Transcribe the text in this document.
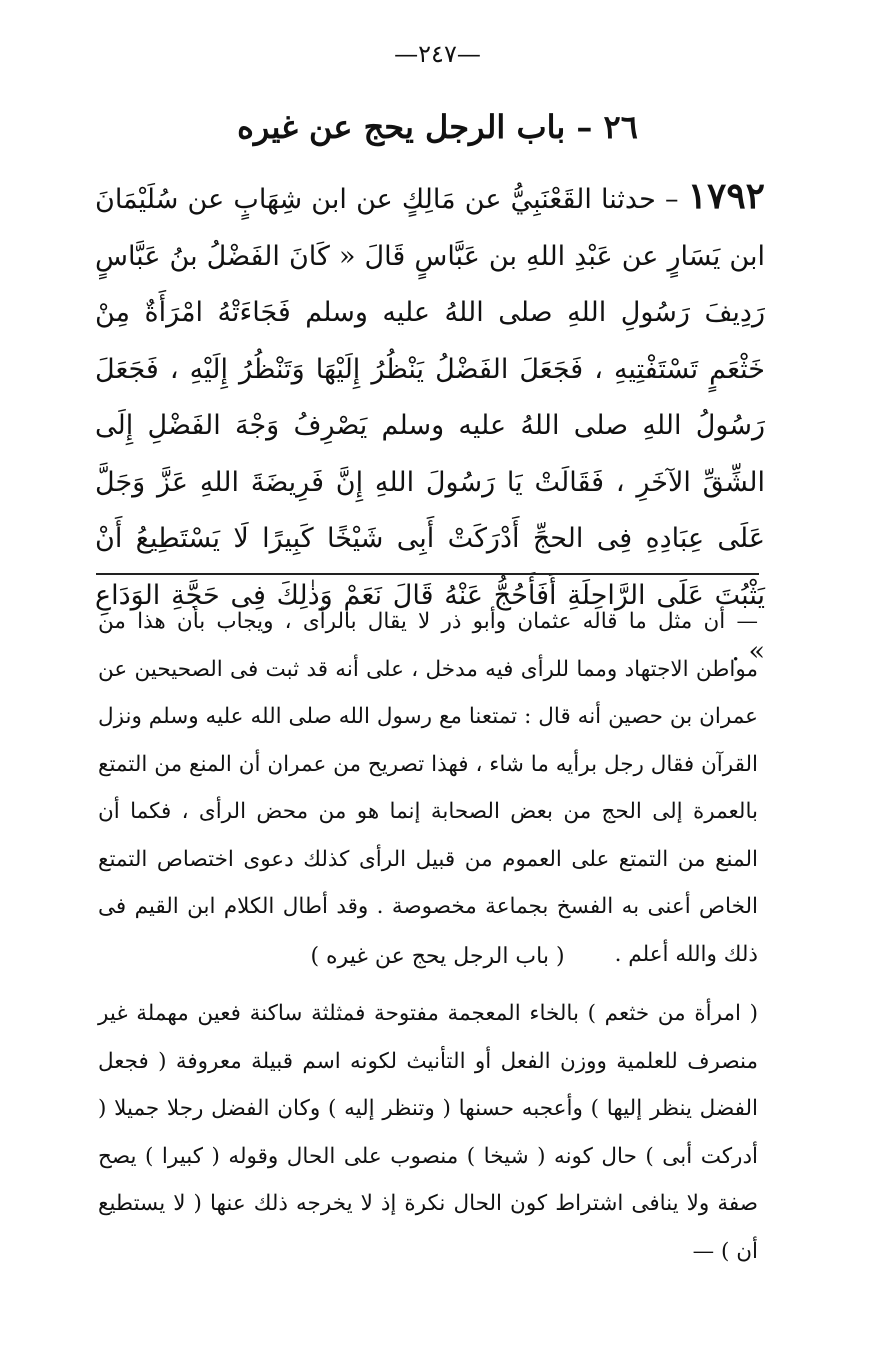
—٢٤٧—
٢٦ – باب الرجل يحج عن غيره
١٧٩٢ – حدثنا القَعْنَبِيُّ عن مَالِكٍ عن ابن شِهَابٍ عن سُلَيْمَانَ ابن يَسَارٍ عن عَبْدِ اللهِ بن عَبَّاسٍ قَالَ « كَانَ الفَضْلُ بنُ عَبَّاسٍ رَدِيفَ رَسُولِ اللهِ صلى اللهُ عليه وسلم فَجَاءَتْهُ امْرَأَةٌ مِنْ خَثْعَمٍ تَسْتَفْتِيهِ ، فَجَعَلَ الفَضْلُ يَنْظُرُ إِلَيْهَا وَتَنْظُرُ إِلَيْهِ ، فَجَعَلَ رَسُولُ اللهِ صلى اللهُ عليه وسلم يَصْرِفُ وَجْهَ الفَضْلِ إِلَى الشِّقِّ الآخَرِ ، فَقَالَتْ يَا رَسُولَ اللهِ إِنَّ فَرِيضَةَ اللهِ عَزَّ وَجَلَّ عَلَى عِبَادِهِ فِى الحجِّ أَدْرَكَتْ أَبِى شَيْخًا كَبِيرًا لَا يَسْتَطِيعُ أَنْ يَثْبُتَ عَلَى الرَّاحِلَةِ أَفَأَحُجُّ عَنْهُ قَالَ نَعَمْ وَذٰلِكَ فِى حَجَّةِ الوَدَاعِ » .
— أن مثل ما قاله عثمان وأبو ذر لا يقال بالرأى ، ويجاب بأن هذا من مواطن الاجتهاد ومما للرأى فيه مدخل ، على أنه قد ثبت فى الصحيحين عن عمران بن حصين أنه قال : تمتعنا مع رسول الله صلى الله عليه وسلم ونزل القرآن فقال رجل برأيه ما شاء ، فهذا تصريح من عمران أن المنع من التمتع بالعمرة إلى الحج من بعض الصحابة إنما هو من محض الرأى ، فكما أن المنع من التمتع على العموم من قبيل الرأى كذلك دعوى اختصاص التمتع الخاص أعنى به الفسخ بجماعة مخصوصة . وقد أطال الكلام ابن القيم فى ذلك والله أعلم .
( باب الرجل يحج عن غيره )
( امرأة من خثعم ) بالخاء المعجمة مفتوحة فمثلثة ساكنة فعين مهملة غير منصرف للعلمية ووزن الفعل أو التأنيث لكونه اسم قبيلة معروفة ( فجعل الفضل ينظر إليها ) وأعجبه حسنها ( وتنظر إليه ) وكان الفضل رجلا جميلا ( أدركت أبى ) حال كونه ( شيخا ) منصوب على الحال وقوله ( كبيرا ) يصح صفة ولا ينافى اشتراط كون الحال نكرة إذ لا يخرجه ذلك عنها ( لا يستطيع أن ) —
